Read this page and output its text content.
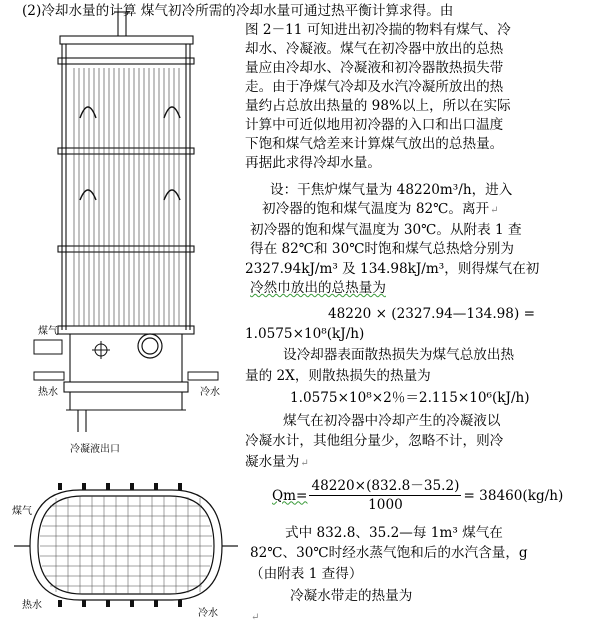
煤气
热水	冷水
冷凝液出口
煤气
热水
冷水
(2)冷却水量的计算 煤气初冷所需的冷却水量可通过热平衡计算求得。由
图 2－11 可知进出初冷揣的物料有煤气、冷
却水、冷凝液。煤气在初冷器中放出的总热
量应由冷却水、冷凝液和初冷器散热损失带
走。由于净煤气冷却及水汽冷凝所放出的热
量约占总放出热量的 98%以上，所以在实际
计算中可近似地用初冷器的入口和出口温度
下饱和煤气焓差来计算煤气放出的总热量。
再据此求得冷却水量。
设：干焦炉煤气量为 48220m³/h，进入
初冷器的饱和煤气温度为 82℃。离开↵
初冷器的饱和煤气温度为 30℃。从附表 1 查
得在 82℃和 30℃时饱和煤气总热焓分别为
2327.94kJ/m³ 及 134.98kJ/m³，则得煤气在初
冷然巾放出的总热量为
48220 × (2327.94—134.98) =
1.0575×10⁸(kJ/h)
设冷却器表面散热损失为煤气总放出热
量的 2X，则散热损失的热量为
1.0575×10⁸×2％＝2.115×10⁶(kJ/h)
煤气在初冷器中冷却产生的冷凝液以
冷凝水计，其他组分量少，忽略不计，则冷
凝水量为↵
$Qm= \frac{48220\times(832.8-35.2)}{1000} = 38460(kg/h)$
式中 832.8、35.2—每 1m³ 煤气在
82℃、30℃时经水蒸气饱和后的水汽含量，g
（由附表 1 查得）
冷凝水带走的热量为
↵
